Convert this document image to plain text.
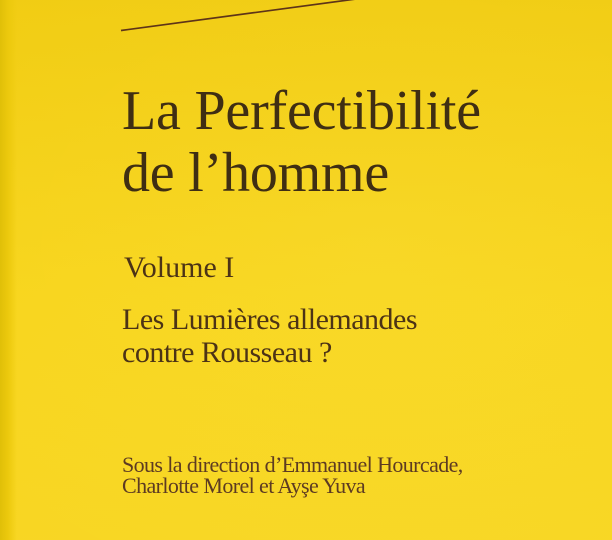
La Perfectibilité
de l’homme
Volume I
Les Lumières allemandes
contre Rousseau ?
Sous la direction d’Emmanuel Hourcade,
Charlotte Morel et Ayşe Yuva
